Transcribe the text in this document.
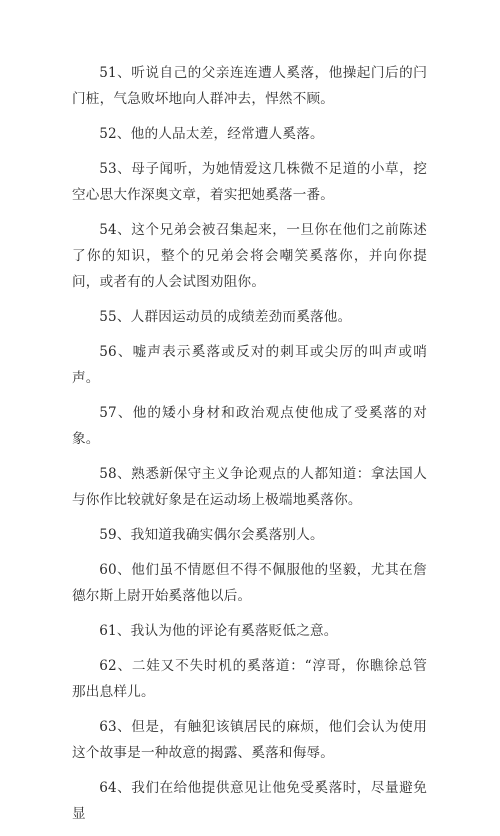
51、听说自己的父亲连连遭人奚落，他操起门后的闩门桩，气急败坏地向人群冲去，悍然不顾。

52、他的人品太差，经常遭人奚落。

53、母子闻听，为她情爱这几株微不足道的小草，挖空心思大作深奥文章，着实把她奚落一番。

54、这个兄弟会被召集起来，一旦你在他们之前陈述了你的知识，整个的兄弟会将会嘲笑奚落你，并向你提问，或者有的人会试图劝阻你。

55、人群因运动员的成绩差劲而奚落他。

56、嘘声表示奚落或反对的刺耳或尖厉的叫声或哨声。

57、他的矮小身材和政治观点使他成了受奚落的对象。

58、熟悉新保守主义争论观点的人都知道：拿法国人与你作比较就好象是在运动场上极端地奚落你。

59、我知道我确实偶尔会奚落别人。

60、他们虽不情愿但不得不佩服他的坚毅，尤其在詹德尔斯上尉开始奚落他以后。

61、我认为他的评论有奚落贬低之意。

62、二娃又不失时机的奚落道：“淳哥，你瞧徐总管那出息样儿。

63、但是，有触犯该镇居民的麻烦，他们会认为使用这个故事是一种故意的揭露、奚落和侮辱。

64、我们在给他提供意见让他免受奚落时，尽量避免显
